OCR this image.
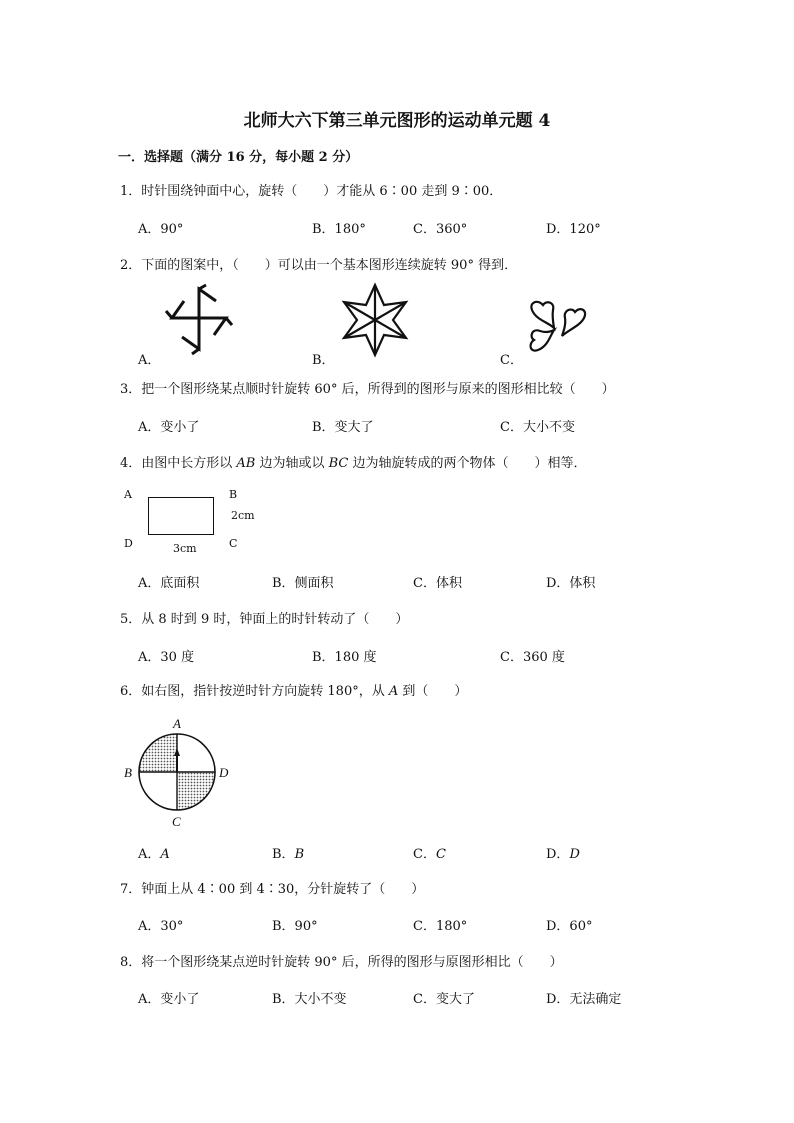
北师大六下第三单元图形的运动单元题 4
一．选择题（满分 16 分，每小题 2 分）
1．时针围绕钟面中心，旋转（　　）才能从 6∶00 走到 9∶00．
A．90°	B．180°	C．360°	D．120°
2．下面的图案中，（　　）可以由一个基本图形连续旋转 90° 得到．
A．	B．	C．
3．把一个图形绕某点顺时针旋转 60° 后，所得到的图形与原来的图形相比较（　　）
A．变小了	B．变大了	C．大小不变
4．由图中长方形以 AB 边为轴或以 BC 边为轴旋转成的两个物体（　　）相等．
A	B
2cm
D	C
3cm
A．底面积	B．侧面积	C．体积	D．体积
5．从 8 时到 9 时，钟面上的时针转动了（　　）
A．30 度	B．180 度	C．360 度
6．如右图，指针按逆时针方向旋转 180°，从 A 到（　　）
A
B	D
C
A．A	B．B	C．C	D．D
7．钟面上从 4∶00 到 4∶30，分针旋转了（　　）
A．30°	B．90°	C．180°	D．60°
8．将一个图形绕某点逆时针旋转 90° 后，所得的图形与原图形相比（　　）
A．变小了	B．大小不变	C．变大了	D．无法确定
